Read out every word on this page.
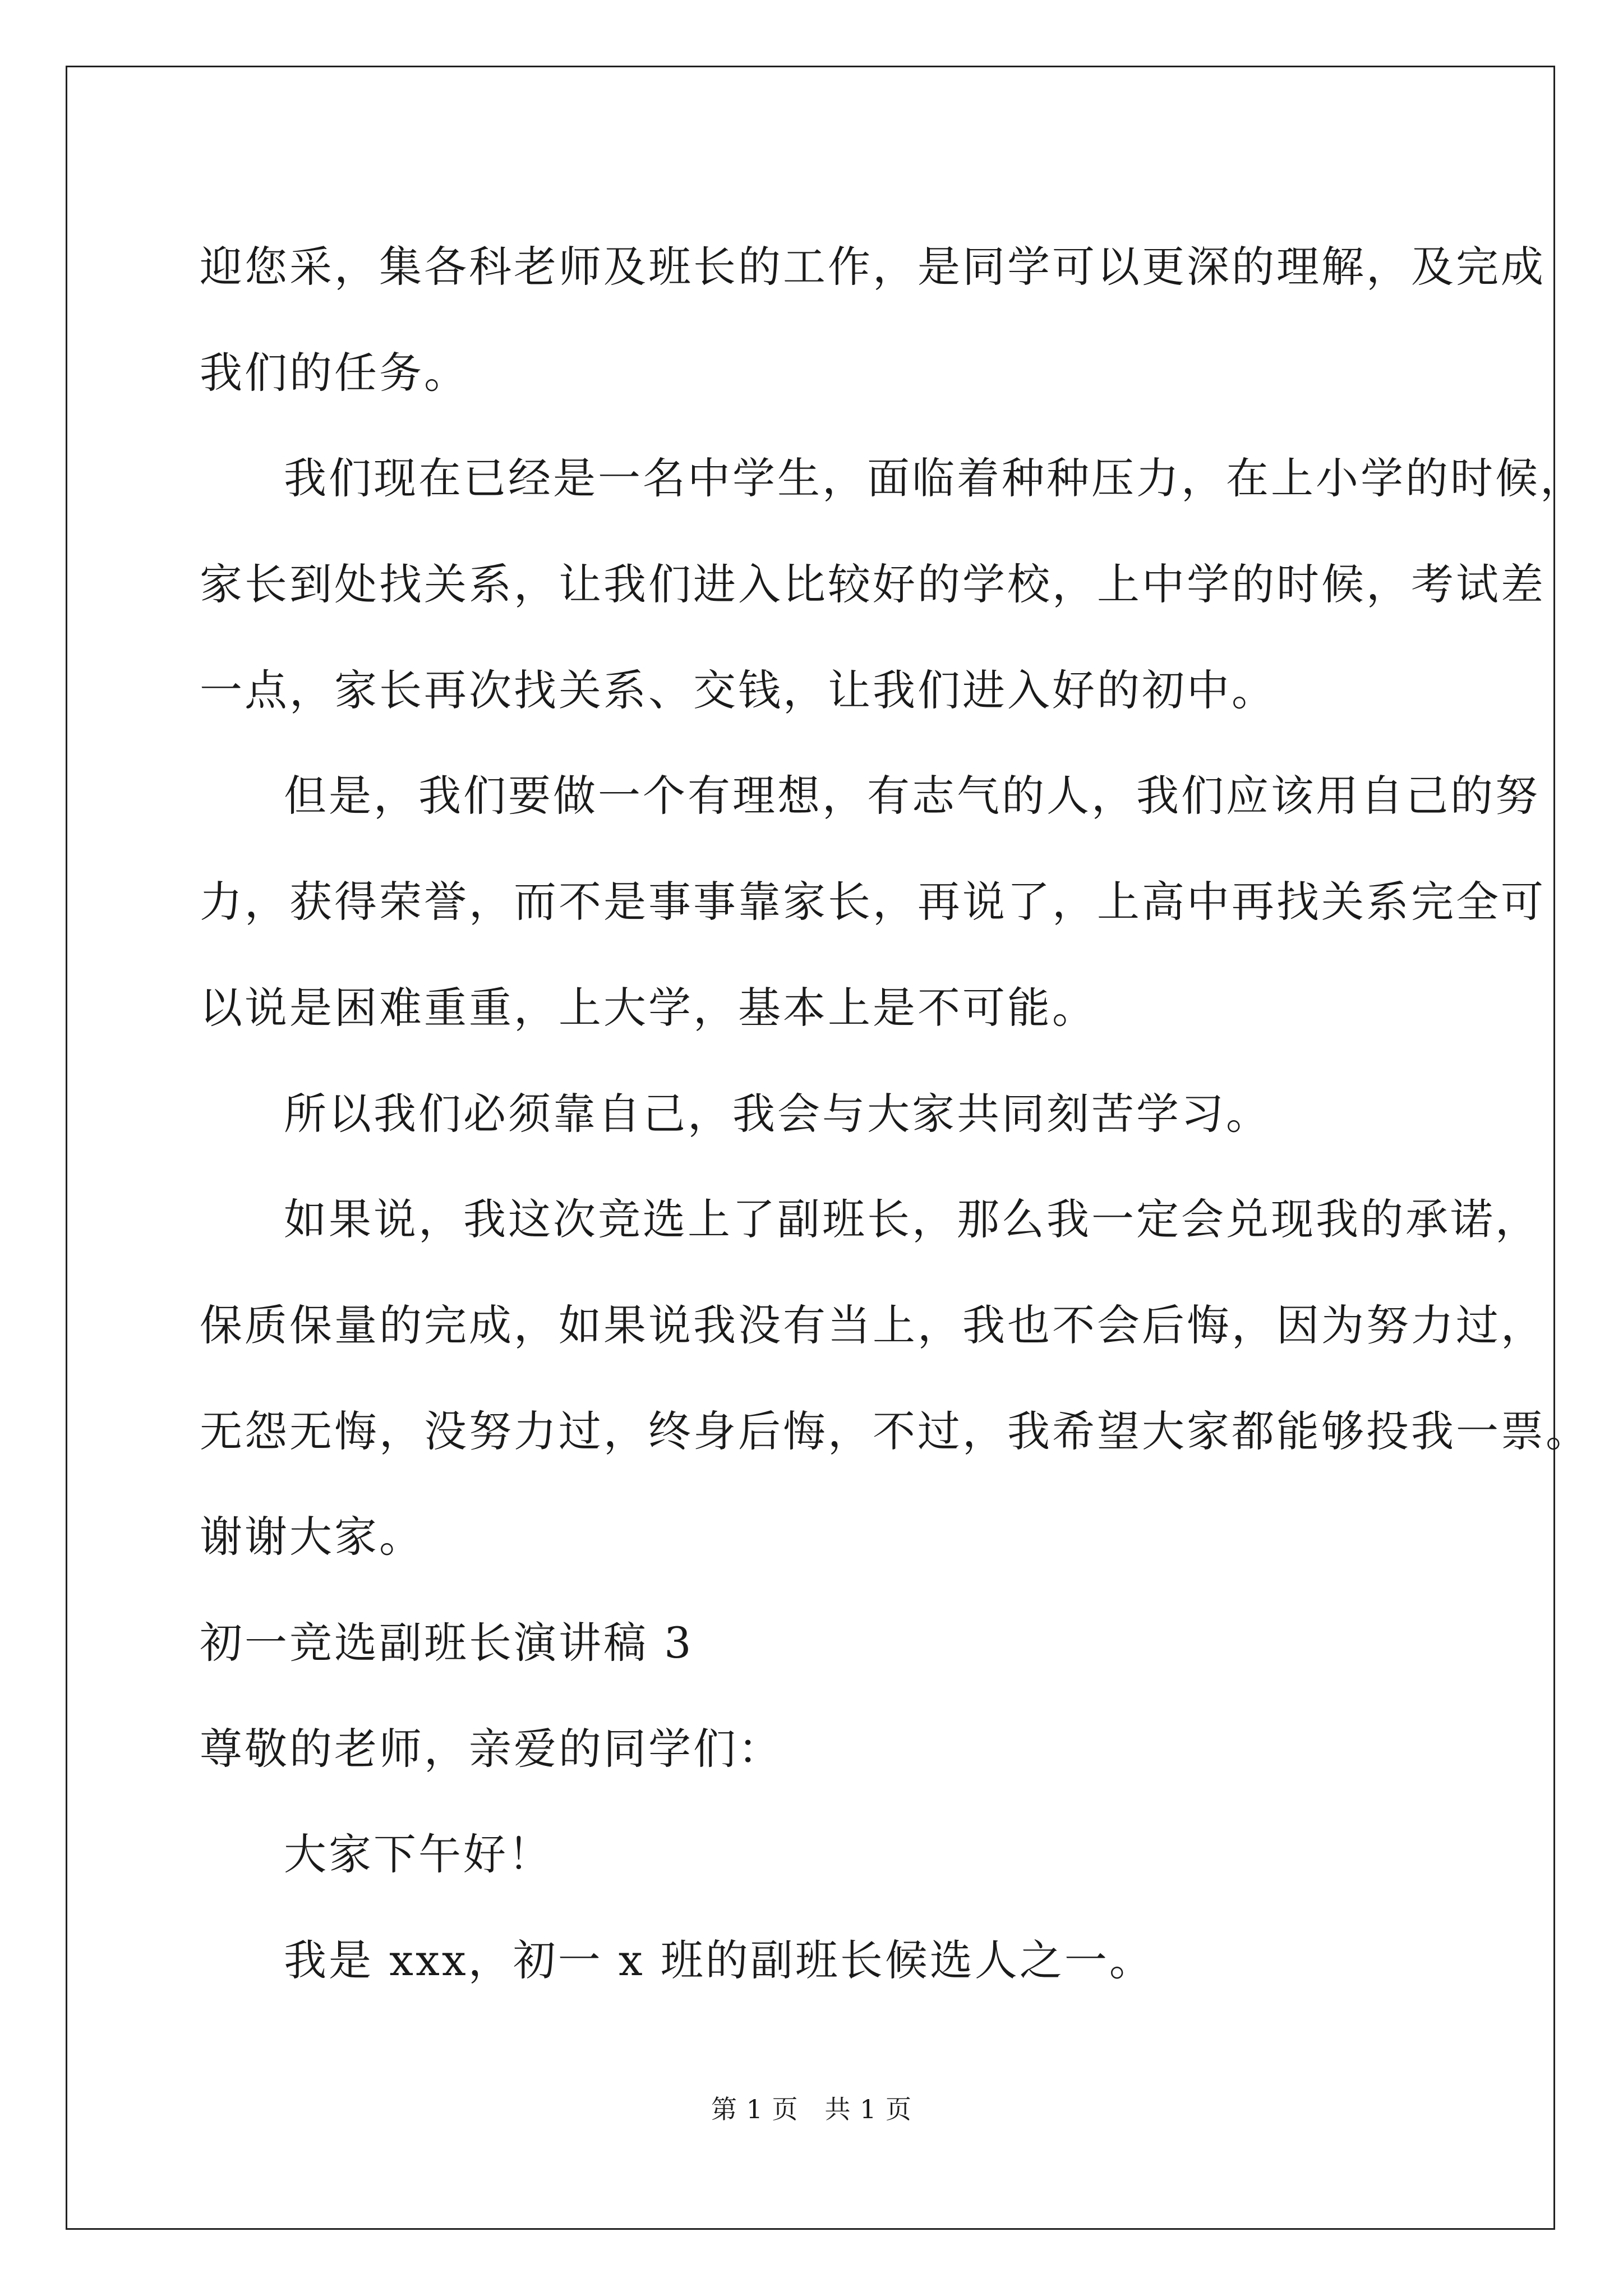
迎您采，集各科老师及班长的工作，是同学可以更深的理解，及完成
我们的任务。
我们现在已经是一名中学生，面临着种种压力，在上小学的时候，
家长到处找关系，让我们进入比较好的学校，上中学的时候，考试差
一点，家长再次找关系、交钱，让我们进入好的初中。
但是，我们要做一个有理想，有志气的人，我们应该用自己的努
力，获得荣誉，而不是事事靠家长，再说了，上高中再找关系完全可
以说是困难重重，上大学，基本上是不可能。
所以我们必须靠自己，我会与大家共同刻苦学习。
如果说，我这次竞选上了副班长，那么我一定会兑现我的承诺，
保质保量的完成，如果说我没有当上，我也不会后悔，因为努力过，
无怨无悔，没努力过，终身后悔，不过，我希望大家都能够投我一票。
谢谢大家。
初一竞选副班长演讲稿 3
尊敬的老师，亲爱的同学们：
大家下午好！
我是 xxx，初一 x 班的副班长候选人之一。
第 1 页　共 1 页
